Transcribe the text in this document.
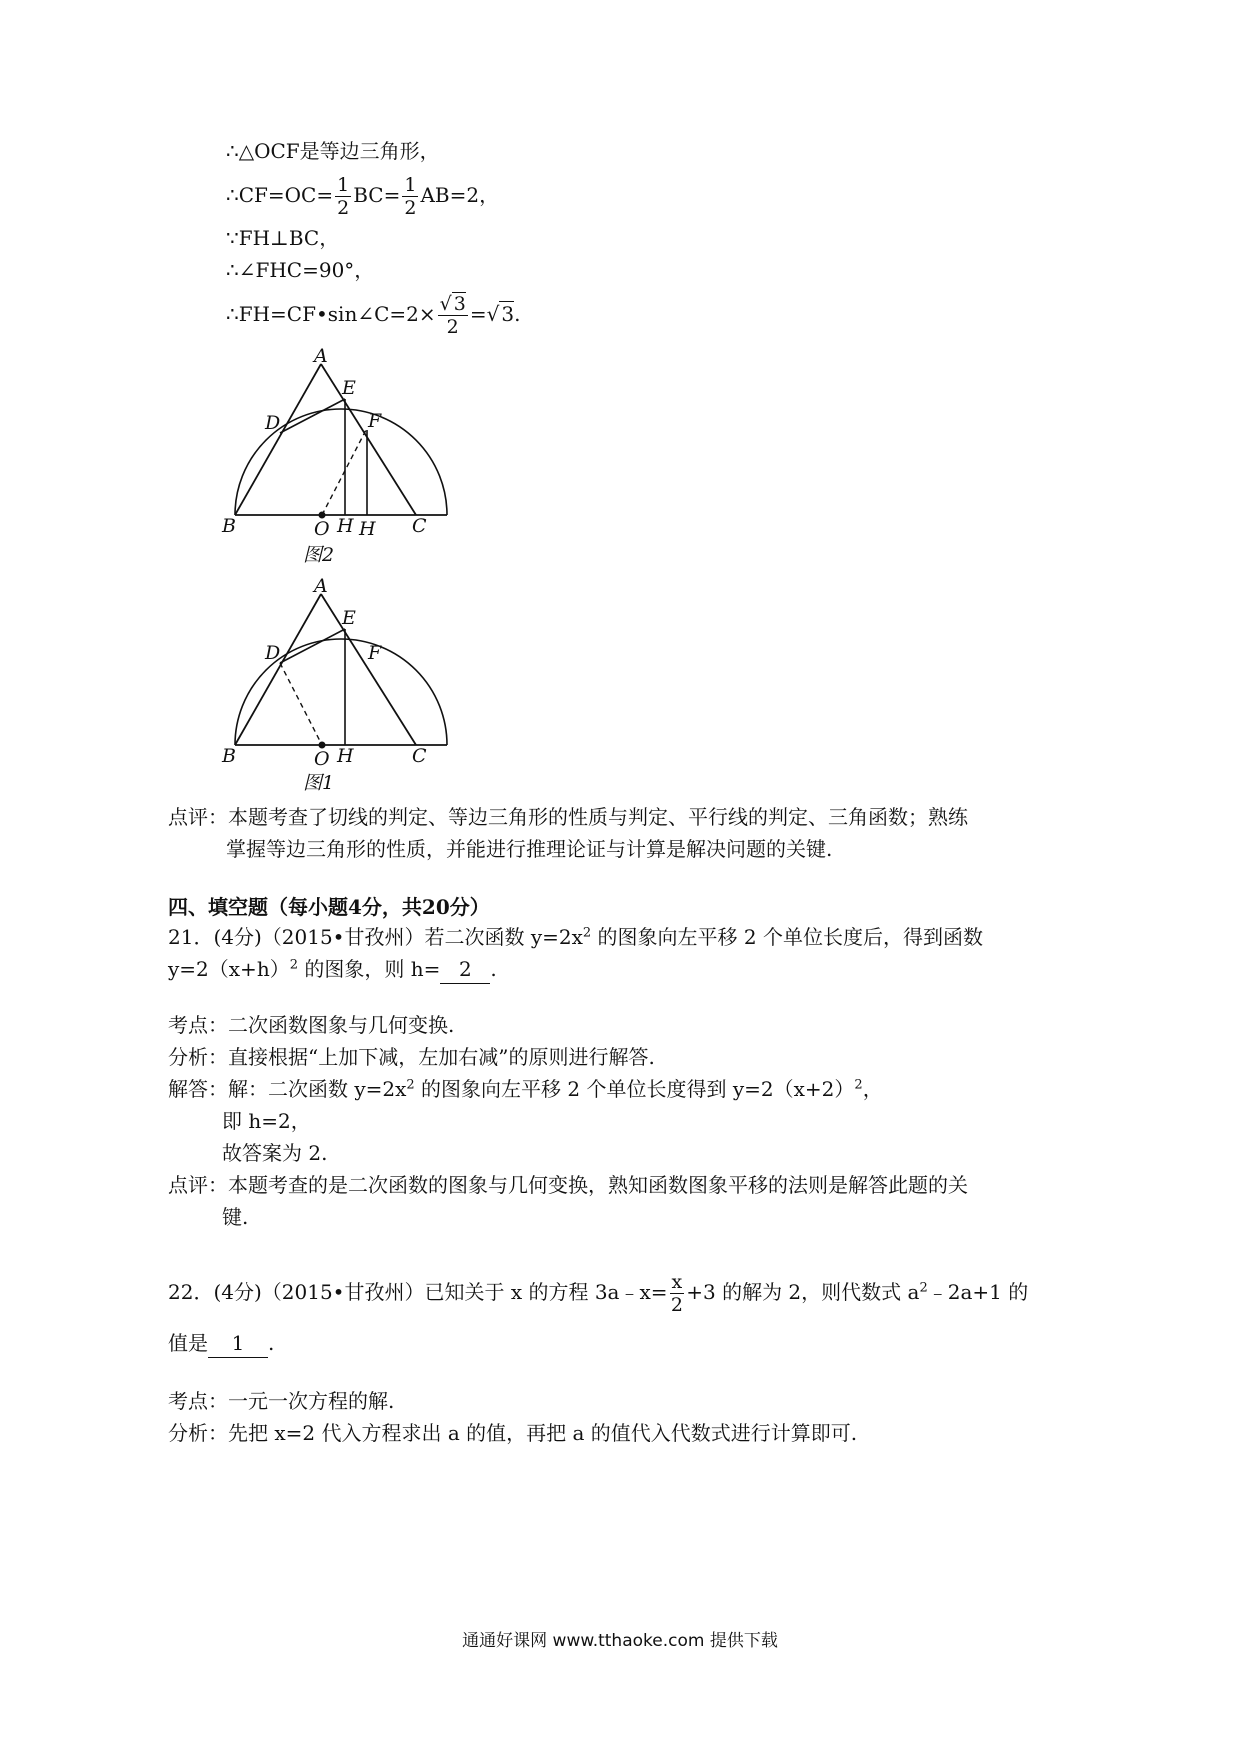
∴△OCF是等边三角形，
∴CF=OC= $\frac{1}{2} BC= \frac{1}{2} AB=2$，
∵FH⊥BC，
∴∠FHC=90°，
∴FH=CF•sin∠C=2× $\frac{√ 3}{2}$ =√ 3.
A
E
D	F
B	O H H C
图2
A
E
D	F
B	O H	C
图1
点评：本题考查了切线的判定、等边三角形的性质与判定、平行线的判定、三角函数；熟练
掌握等边三角形的性质，并能进行推理论证与计算是解决问题的关键.
四、填空题（每小题4分，共20分）
21．(4分)（2015•甘孜州）若二次函数 $y=2x^2$ 的图象向左平移 2 个单位长度后，得到函数
$y=2(x+h)^2$ 的图象，则 h= 2 .
考点：二次函数图象与几何变换.
分析：直接根据“上加下减，左加右减”的原则进行解答.
解答：解：二次函数 $y=2x^2$ 的图象向左平移 2 个单位长度得到 $y=2(x+2)^2$，
即 h=2，
故答案为 2.
点评：本题考查的是二次函数的图象与几何变换，熟知函数图象平移的法则是解答此题的关
键.
22．(4分)（2015•甘孜州）已知关于 x 的方程 3a﹣x= $\frac{x}{2} +3$ 的解为 2，则代数式 $a^2﹣2a+1$ 的
值是 1 .
考点：一元一次方程的解.
分析：先把 x=2 代入方程求出 a 的值，再把 a 的值代入代数式进行计算即可.
通通好课网 www.tthaoke.com 提供下载
